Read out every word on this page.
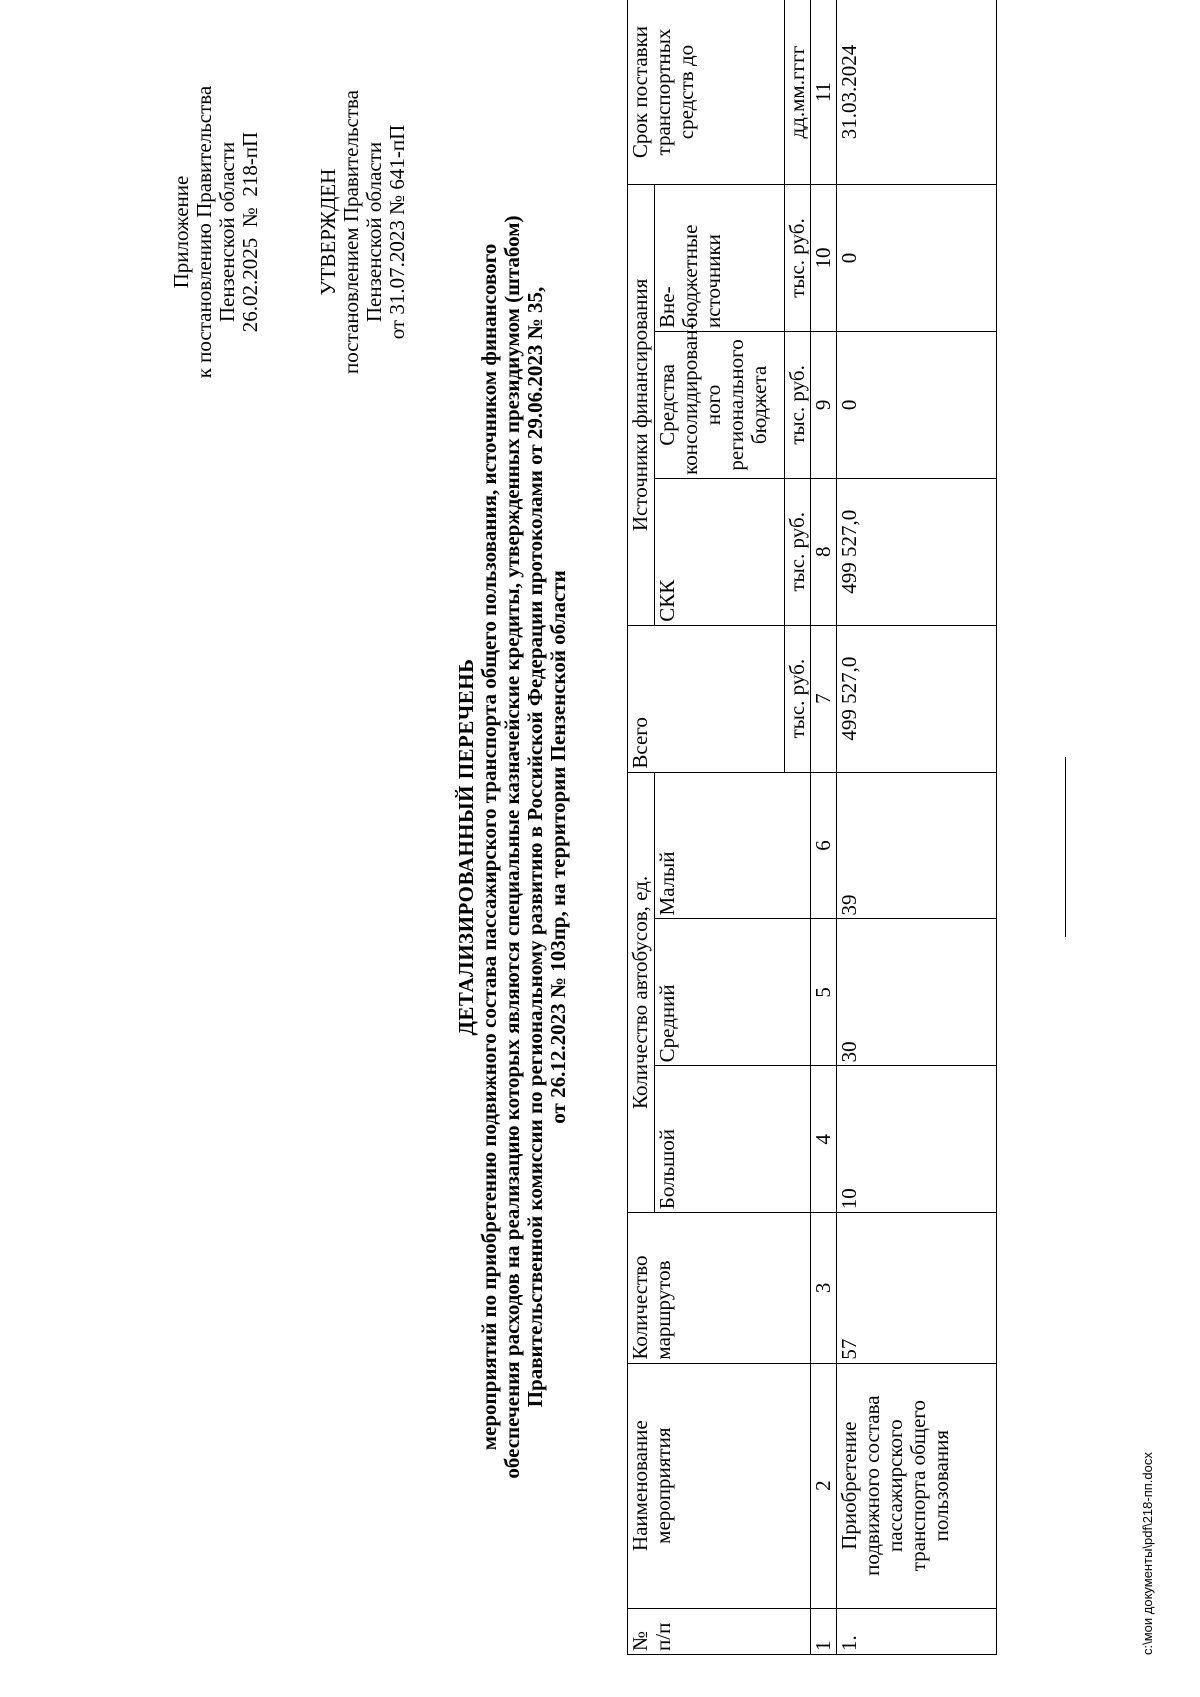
Приложение к постановлению Правительства Пензенской области 26.02.2025  №  218-пП	УТВЕРЖДЕН постановлением Правительства Пензенской области от 31.07.2023 № 641-пП
ДЕТАЛИЗИРОВАННЫЙ ПЕРЕЧЕНЬ мероприятий по приобретению подвижного состава пассажирского транспорта общего пользования, источником финансового обеспечения расходов на реализацию которых являются специальные казначейские кредиты, утвержденных президиумом (штабом) Правительственной комиссии по региональному развитию в Российской Федерации протоколами от 29.06.2023 № 35, от 26.12.2023 № 103пр, на территории Пензенской области
№ п/п	Наименование мероприятия	Количество маршрутов	Количество автобусов, ед.			Всего	Источники финансирования			Срок поставки транспортных средств до
			Большой	Средний	Малый		СКК	Средства консолидирован-ного регионального бюджета	Вне-бюджетные источники	
						тыс. руб.	тыс. руб.	тыс. руб.	тыс. руб.	дд.мм.гггг
1	2	3	4	5	6	7	8	9	10	11
1.	Приобретение подвижного состава пассажирского транспорта общего пользования	57	10	30	39	499 527,0	499 527,0	0	0	31.03.2024
c:\мои документы\pdf\218-пп.docx
